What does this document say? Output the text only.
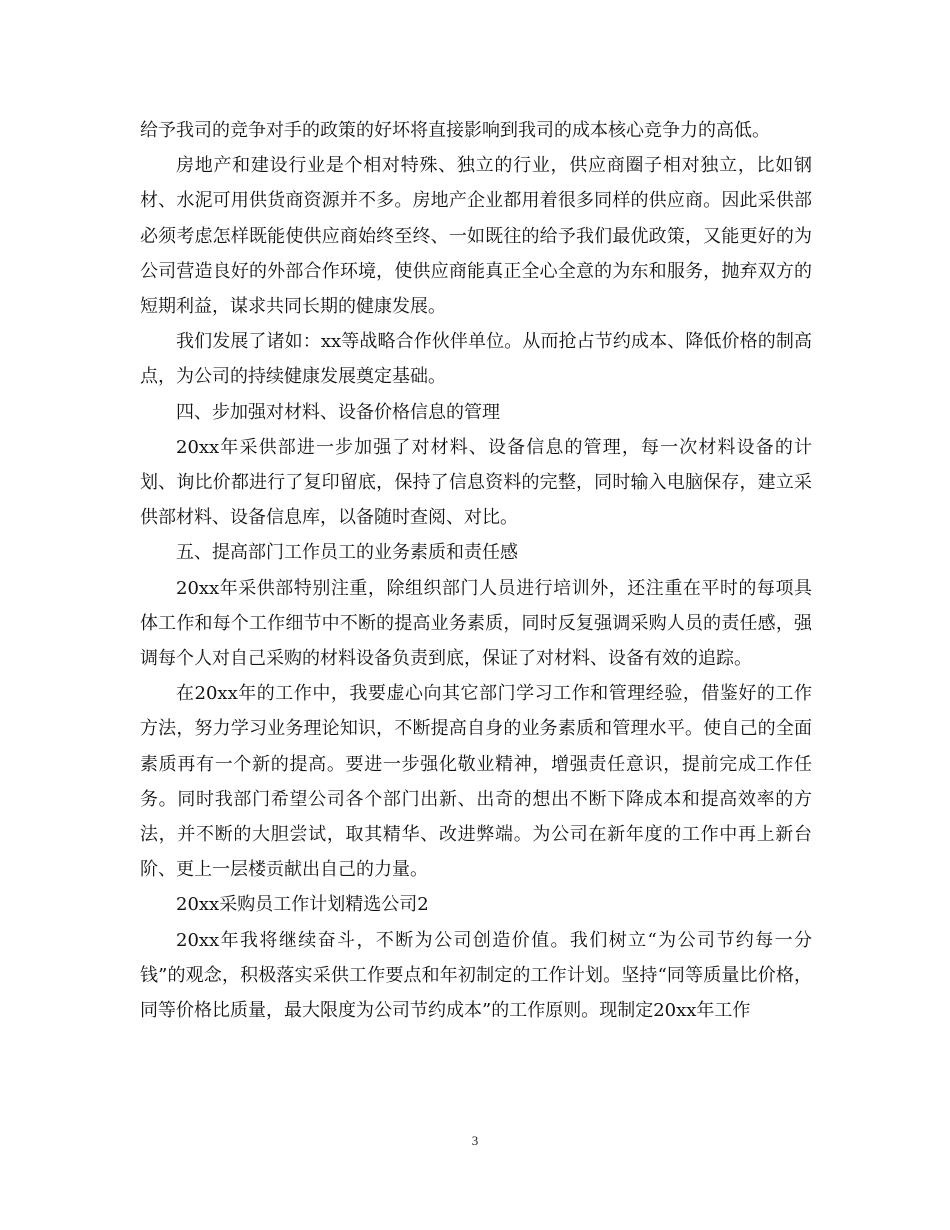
给予我司的竞争对手的政策的好坏将直接影响到我司的成本核心竞争力的高低。

房地产和建设行业是个相对特殊、独立的行业，供应商圈子相对独立，比如钢材、水泥可用供货商资源并不多。房地产企业都用着很多同样的供应商。因此采供部必须考虑怎样既能使供应商始终至终、一如既往的给予我们最优政策，又能更好的为公司营造良好的外部合作环境，使供应商能真正全心全意的为东和服务，抛弃双方的短期利益，谋求共同长期的健康发展。

我们发展了诸如：xx等战略合作伙伴单位。从而抢占节约成本、降低价格的制高点，为公司的持续健康发展奠定基础。

四、步加强对材料、设备价格信息的管理

20xx年采供部进一步加强了对材料、设备信息的管理，每一次材料设备的计划、询比价都进行了复印留底，保持了信息资料的完整，同时输入电脑保存，建立采供部材料、设备信息库，以备随时查阅、对比。

五、提高部门工作员工的业务素质和责任感

20xx年采供部特别注重，除组织部门人员进行培训外，还注重在平时的每项具体工作和每个工作细节中不断的提高业务素质，同时反复强调采购人员的责任感，强调每个人对自己采购的材料设备负责到底，保证了对材料、设备有效的追踪。

在20xx年的工作中，我要虚心向其它部门学习工作和管理经验，借鉴好的工作方法，努力学习业务理论知识，不断提高自身的业务素质和管理水平。使自己的全面素质再有一个新的提高。要进一步强化敬业精神，增强责任意识，提前完成工作任务。同时我部门希望公司各个部门出新、出奇的想出不断下降成本和提高效率的方法，并不断的大胆尝试，取其精华、改进弊端。为公司在新年度的工作中再上新台阶、更上一层楼贡献出自己的力量。

20xx采购员工作计划精选公司2

20xx年我将继续奋斗，不断为公司创造价值。我们树立“为公司节约每一分钱”的观念，积极落实采供工作要点和年初制定的工作计划。坚持“同等质量比价格，同等价格比质量，最大限度为公司节约成本”的工作原则。现制定20xx年工作

3
